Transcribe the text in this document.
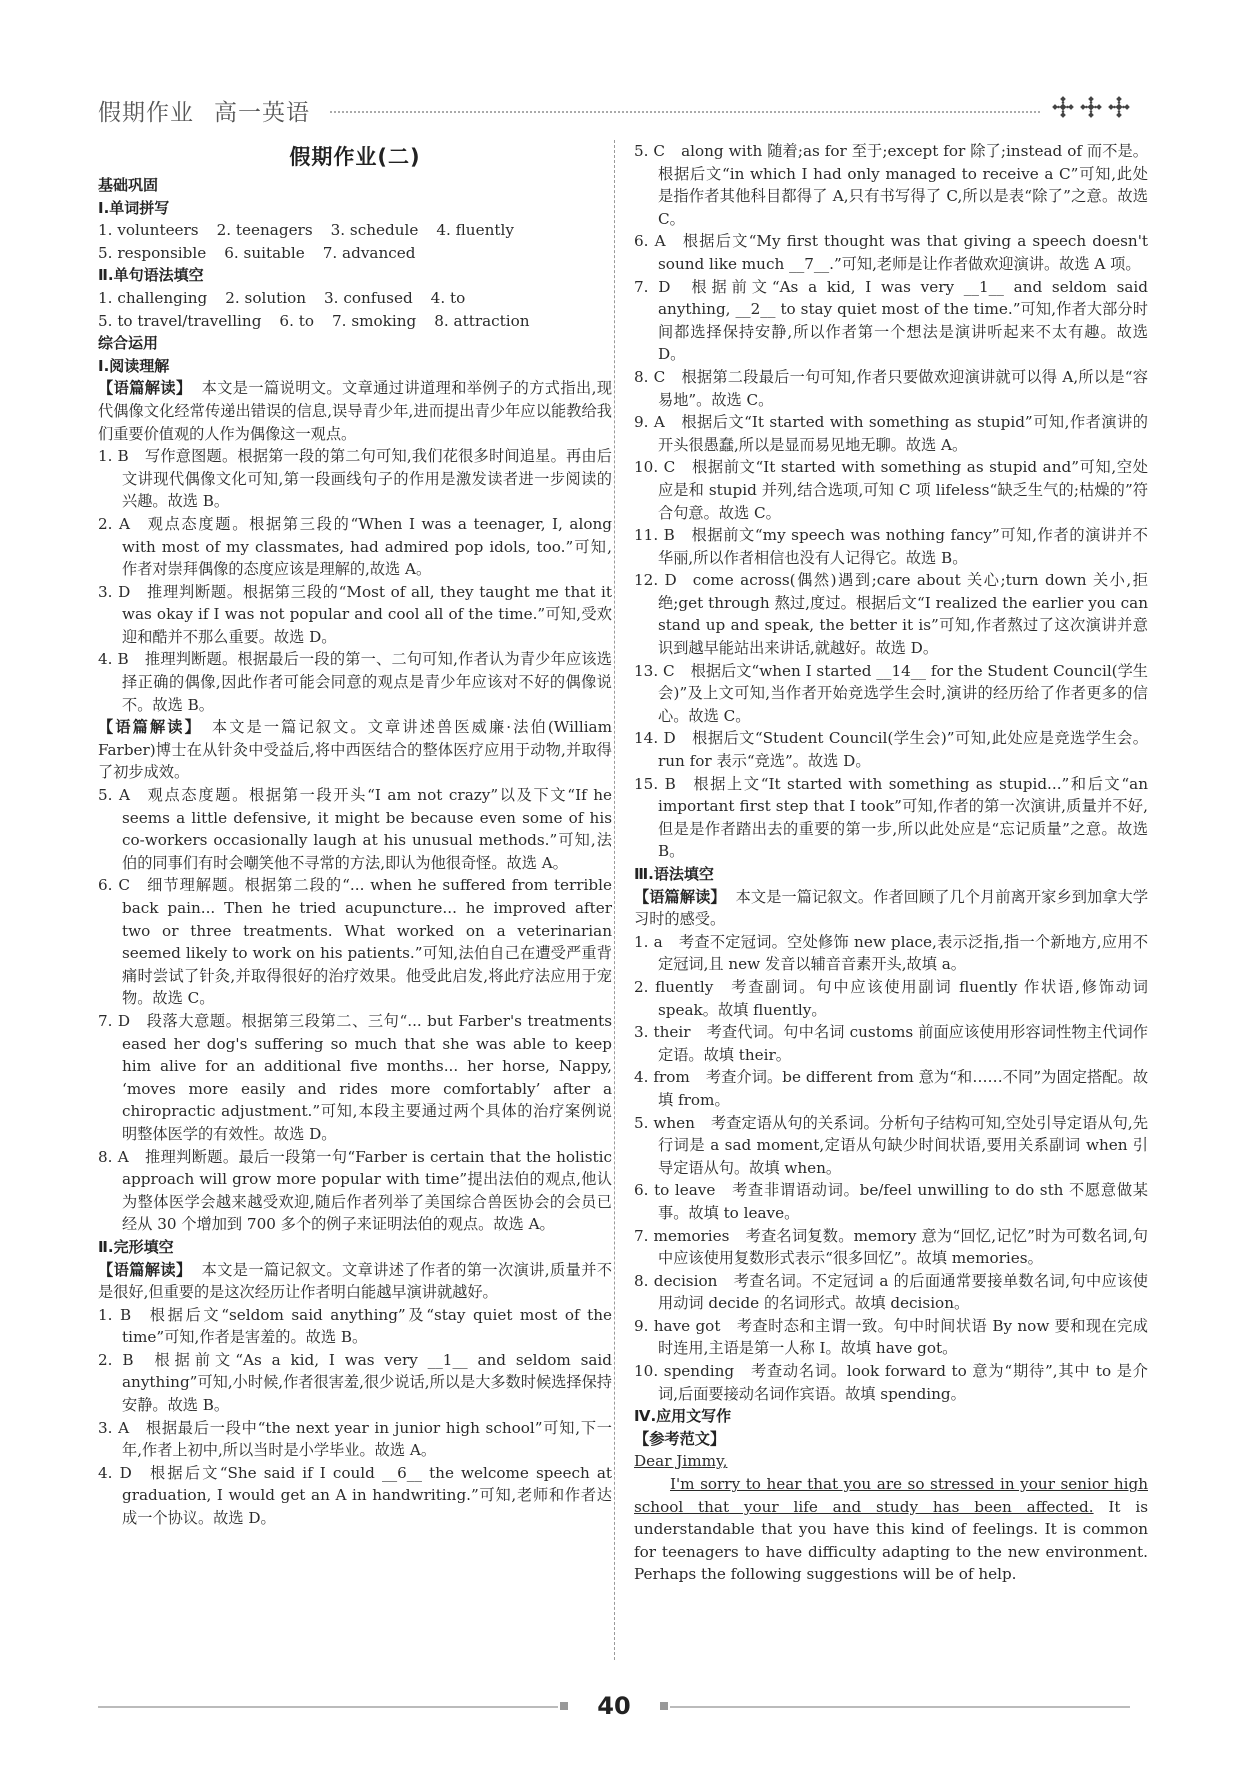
假期作业 高一英语
假期作业(二)
基础巩固
Ⅰ.单词拼写
1. volunteers 2. teenagers 3. schedule 4. fluently
5. responsible 6. suitable 7. advanced
Ⅱ.单句语法填空
1. challenging 2. solution 3. confused 4. to
5. to travel/travelling 6. to 7. smoking 8. attraction
综合运用
Ⅰ.阅读理解
【语篇解读】 本文是一篇说明文。文章通过讲道理和举例子的方式指出,现代偶像文化经常传递出错误的信息,误导青少年,进而提出青少年应以能教给我们重要价值观的人作为偶像这一观点。
1. B 写作意图题。根据第一段的第二句可知,我们花很多时间追星。再由后文讲现代偶像文化可知,第一段画线句子的作用是激发读者进一步阅读的兴趣。故选 B。
2. A 观点态度题。根据第三段的“When I was a teenager, I, along with most of my classmates, had admired pop idols, too.”可知,作者对崇拜偶像的态度应该是理解的,故选 A。
3. D 推理判断题。根据第三段的“Most of all, they taught me that it was okay if I was not popular and cool all of the time.”可知,受欢迎和酷并不那么重要。故选 D。
4. B 推理判断题。根据最后一段的第一、二句可知,作者认为青少年应该选择正确的偶像,因此作者可能会同意的观点是青少年应该对不好的偶像说不。故选 B。
【语篇解读】 本文是一篇记叙文。文章讲述兽医威廉·法伯(William Farber)博士在从针灸中受益后,将中西医结合的整体医疗应用于动物,并取得了初步成效。
5. A 观点态度题。根据第一段开头“I am not crazy”以及下文“If he seems a little defensive, it might be because even some of his co-workers occasionally laugh at his unusual methods.”可知,法伯的同事们有时会嘲笑他不寻常的方法,即认为他很奇怪。故选 A。
6. C 细节理解题。根据第二段的“... when he suffered from terrible back pain... Then he tried acupuncture... he improved after two or three treatments. What worked on a veterinarian seemed likely to work on his patients.”可知,法伯自己在遭受严重背痛时尝试了针灸,并取得很好的治疗效果。他受此启发,将此疗法应用于宠物。故选 C。
7. D 段落大意题。根据第三段第二、三句“... but Farber's treatments eased her dog's suffering so much that she was able to keep him alive for an additional five months... her horse, Nappy, ‘moves more easily and rides more comfortably’ after a chiropractic adjustment.”可知,本段主要通过两个具体的治疗案例说明整体医学的有效性。故选 D。
8. A 推理判断题。最后一段第一句“Farber is certain that the holistic approach will grow more popular with time”提出法伯的观点,他认为整体医学会越来越受欢迎,随后作者列举了美国综合兽医协会的会员已经从 30 个增加到 700 多个的例子来证明法伯的观点。故选 A。
Ⅱ.完形填空
【语篇解读】 本文是一篇记叙文。文章讲述了作者的第一次演讲,质量并不是很好,但重要的是这次经历让作者明白能越早演讲就越好。
1. B 根据后文“seldom said anything”及“stay quiet most of the time”可知,作者是害羞的。故选 B。
2. B 根据前文“As a kid, I was very __1__ and seldom said anything”可知,小时候,作者很害羞,很少说话,所以是大多数时候选择保持安静。故选 B。
3. A 根据最后一段中“the next year in junior high school”可知,下一年,作者上初中,所以当时是小学毕业。故选 A。
4. D 根据后文“She said if I could __6__ the welcome speech at graduation, I would get an A in handwriting.”可知,老师和作者达成一个协议。故选 D。
5. C along with 随着;as for 至于;except for 除了;instead of 而不是。根据后文“in which I had only managed to receive a C”可知,此处是指作者其他科目都得了 A,只有书写得了 C,所以是表“除了”之意。故选 C。
6. A 根据后文“My first thought was that giving a speech doesn't sound like much __7__.”可知,老师是让作者做欢迎演讲。故选 A 项。
7. D 根据前文“As a kid, I was very __1__ and seldom said anything, __2__ to stay quiet most of the time.”可知,作者大部分时间都选择保持安静,所以作者第一个想法是演讲听起来不太有趣。故选 D。
8. C 根据第二段最后一句可知,作者只要做欢迎演讲就可以得 A,所以是“容易地”。故选 C。
9. A 根据后文“It started with something as stupid”可知,作者演讲的开头很愚蠢,所以是显而易见地无聊。故选 A。
10. C 根据前文“It started with something as stupid and”可知,空处应是和 stupid 并列,结合选项,可知 C 项 lifeless“缺乏生气的;枯燥的”符合句意。故选 C。
11. B 根据前文“my speech was nothing fancy”可知,作者的演讲并不华丽,所以作者相信也没有人记得它。故选 B。
12. D come across(偶然)遇到;care about 关心;turn down 关小,拒绝;get through 熬过,度过。根据后文“I realized the earlier you can stand up and speak, the better it is”可知,作者熬过了这次演讲并意识到越早能站出来讲话,就越好。故选 D。
13. C 根据后文“when I started __14__ for the Student Council(学生会)”及上文可知,当作者开始竞选学生会时,演讲的经历给了作者更多的信心。故选 C。
14. D 根据后文“Student Council(学生会)”可知,此处应是竞选学生会。run for 表示“竞选”。故选 D。
15. B 根据上文“It started with something as stupid...”和后文“an important first step that I took”可知,作者的第一次演讲,质量并不好,但是是作者踏出去的重要的第一步,所以此处应是“忘记质量”之意。故选 B。
Ⅲ.语法填空
【语篇解读】 本文是一篇记叙文。作者回顾了几个月前离开家乡到加拿大学习时的感受。
1. a 考查不定冠词。空处修饰 new place,表示泛指,指一个新地方,应用不定冠词,且 new 发音以辅音音素开头,故填 a。
2. fluently 考查副词。句中应该使用副词 fluently 作状语,修饰动词 speak。故填 fluently。
3. their 考查代词。句中名词 customs 前面应该使用形容词性物主代词作定语。故填 their。
4. from 考查介词。be different from 意为“和……不同”为固定搭配。故填 from。
5. when 考查定语从句的关系词。分析句子结构可知,空处引导定语从句,先行词是 a sad moment,定语从句缺少时间状语,要用关系副词 when 引导定语从句。故填 when。
6. to leave 考查非谓语动词。be/feel unwilling to do sth 不愿意做某事。故填 to leave。
7. memories 考查名词复数。memory 意为“回忆,记忆”时为可数名词,句中应该使用复数形式表示“很多回忆”。故填 memories。
8. decision 考查名词。不定冠词 a 的后面通常要接单数名词,句中应该使用动词 decide 的名词形式。故填 decision。
9. have got 考查时态和主谓一致。句中时间状语 By now 要和现在完成时连用,主语是第一人称 I。故填 have got。
10. spending 考查动名词。look forward to 意为“期待”,其中 to 是介词,后面要接动名词作宾语。故填 spending。
Ⅳ.应用文写作
【参考范文】
Dear Jimmy,
I'm sorry to hear that you are so stressed in your senior high school that your life and study has been affected. It is understandable that you have this kind of feelings. It is common for teenagers to have difficulty adapting to the new environment. Perhaps the following suggestions will be of help.
40
